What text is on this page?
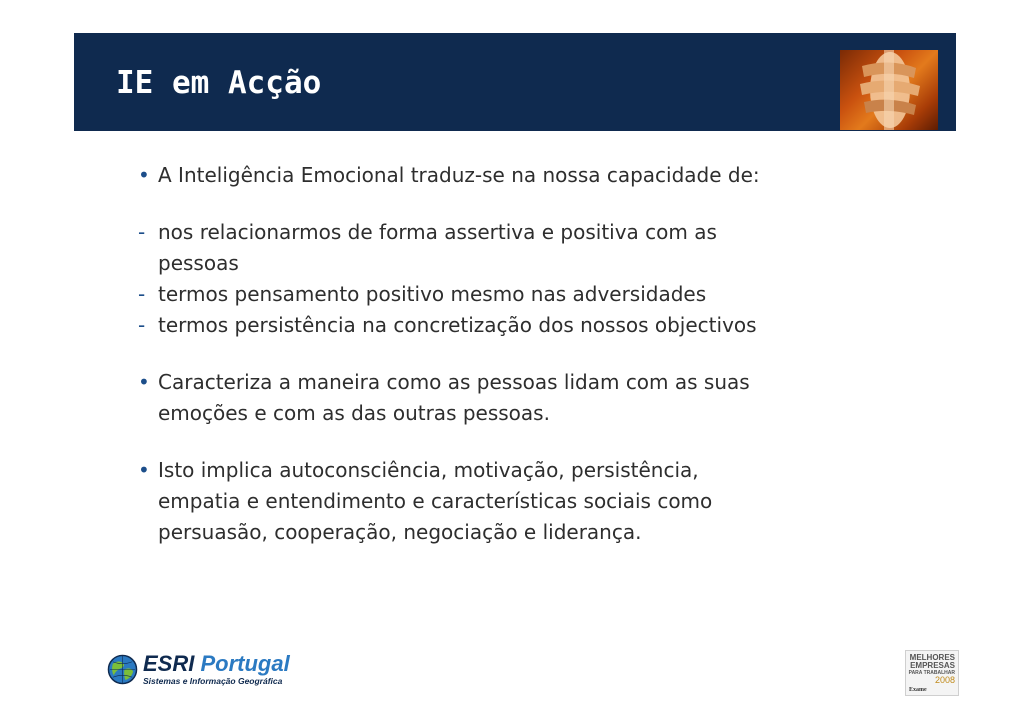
IE em Acção
• A Inteligência Emocional traduz-se na nossa capacidade de:
- nos relacionarmos de forma assertiva e positiva com as
pessoas
- termos pensamento positivo mesmo nas adversidades
- termos persistência na concretização dos nossos objectivos
• Caracteriza a maneira como as pessoas lidam com as suas
emoções e com as das outras pessoas.
• Isto implica autoconsciência, motivação, persistência,
empatia e entendimento e características sociais como
persuasão, cooperação, negociação e liderança.
ESRI Portugal
Sistemas e Informação Geográfica
MELHORES
EMPRESAS
PARA TRABALHAR
2008
Exame
